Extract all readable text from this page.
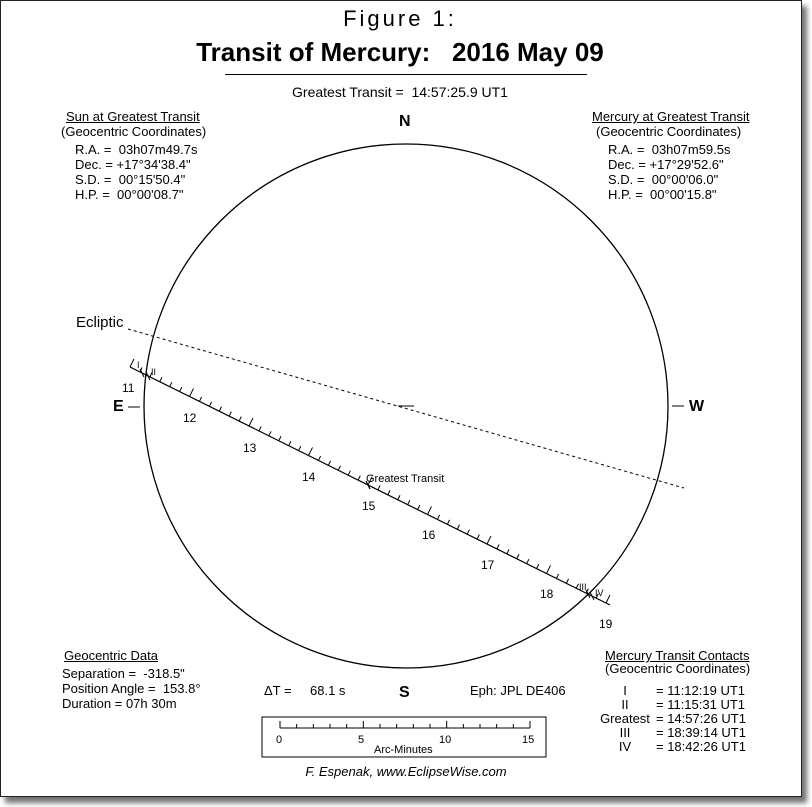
Figure 1:
Transit of Mercury:   2016 May 09
Greatest Transit =  14:57:25.9 UT1
N
S
E	W
Ecliptic
Sun at Greatest Transit
(Geocentric Coordinates)
R.A. =  03h07m49.7s
Dec. = +17°34'38.4"
S.D. =  00°15'50.4"
H.P. =  00°00'08.7"
Mercury at Greatest Transit
(Geocentric Coordinates)
R.A. =  03h07m59.5s
Dec. = +17°29'52.6"
S.D. =  00°00'06.0"
H.P. =  00°00'15.8"
11
12
13
14
15
16
17
18
19
I
II
III
IV
Greatest Transit
Geocentric Data
Separation =  -318.5"
Position Angle =  153.8°
Duration = 07h 30m
ΔT = 68.1 s	Eph: JPL DE406
0	5	10	15
Arc-Minutes
Mercury Transit Contacts
(Geocentric Coordinates)
I	= 11:12:19 UT1
II	= 11:15:31 UT1
Greatest = 14:57:26 UT1
III	= 18:39:14 UT1
IV	= 18:42:26 UT1
F. Espenak, www.EclipseWise.com
